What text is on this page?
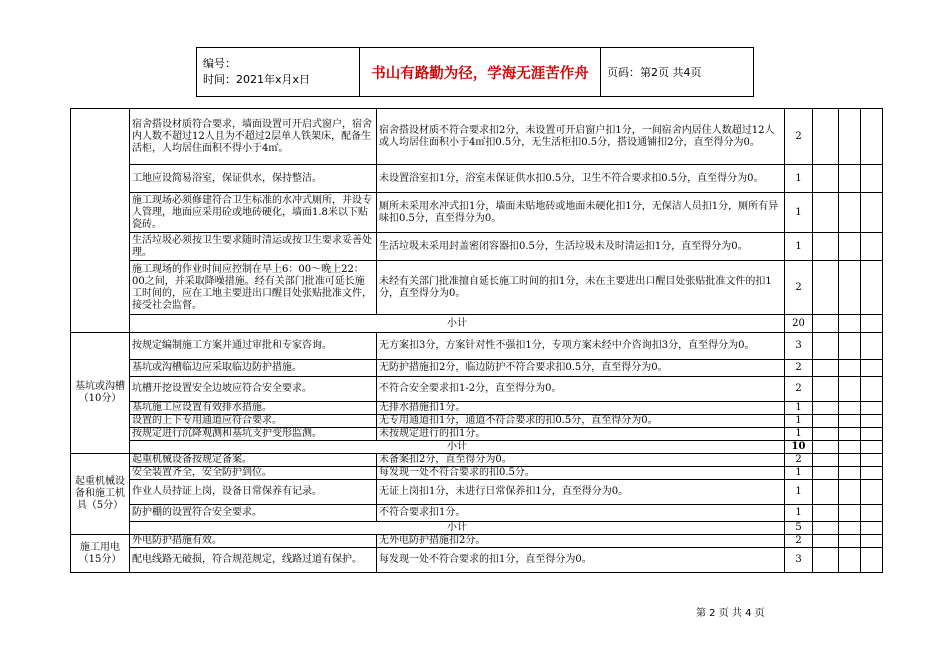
编号：
时间：2021年x月x日	书山有路勤为径，学海无涯苦作舟	页码：第2页 共4页
	宿舍搭设材质符合要求，墙面设置可开启式窗户，宿舍内人数不超过12人且为不超过2层单人铁架床，配备生活柜，人均居住面积不得小于4㎡。	宿舍搭设材质不符合要求扣2分，未设置可开启窗户扣1分，一间宿舍内居住人数超过12人或人均居住面积小于4㎡扣0.5分，无生活柜扣0.5分，搭设通铺扣2分，直至得分为0。	2			
	工地应设简易浴室，保证供水，保持整洁。	未设置浴室扣1分，浴室未保证供水扣0.5分，卫生不符合要求扣0.5分，直至得分为0。	1			
	施工现场必须修建符合卫生标准的水冲式厕所，并设专人管理，地面应采用砼或地砖硬化，墙面1.8米以下贴瓷砖。	厕所未采用水冲式扣1分，墙面未贴地砖或地面未硬化扣1分，无保洁人员扣1分，厕所有异味扣0.5分，直至得分为0。	1			
	生活垃圾必须按卫生要求随时清运或按卫生要求妥善处理。	生活垃圾未采用封盖密闭容器扣0.5分，生活垃圾未及时清运扣1分，直至得分为0。	1			
	施工现场的作业时间应控制在早上6：00～晚上22：00之间，并采取降噪措施。经有关部门批准可延长施工时间的，应在工地主要进出口醒目处张贴批准文件，接受社会监督。	未经有关部门批准擅自延长施工时间的扣1分，未在主要进出口醒目处张贴批准文件的扣1分，直至得分为0。	2			
	小计		20			
基坑或沟槽（10分）	按规定编制施工方案并通过审批和专家咨询。	无方案扣3分，方案针对性不强扣1分，专项方案未经中介咨询扣3分，直至得分为0。	3			
	基坑或沟槽临边应采取临边防护措施。	无防护措施扣2分，临边防护不符合要求扣0.5分，直至得分为0。	2			
	坑槽开挖设置安全边坡应符合安全要求。	不符合安全要求扣1-2分，直至得分为0。	2			
	基坑施工应设置有效排水措施。	无排水措施扣1分。	1			
	设置的上下专用通道应符合要求。	无专用通道扣1分，通道不符合要求的扣0.5分，直至得分为0。	1			
	按规定进行沉降观测和基坑支护变形监测。	未按规定进行的扣1分。	1			
	小计		10			
起重机械设备和施工机具（5分）	起重机械设备按规定备案。	未备案扣2分，直至得分为0。	2			
	安全装置齐全，安全防护到位。	每发现一处不符合要求的扣0.5分。	1			
	作业人员持证上岗，设备日常保养有记录。	无证上岗扣1分，未进行日常保养扣1分，直至得分为0。	1			
	防护棚的设置符合安全要求。	不符合要求扣1分。	1			
	小计		5			
施工用电（15分）	外电防护措施有效。	无外电防护措施扣2分。	2			
	配电线路无破损，符合规范规定，线路过道有保护。	每发现一处不符合要求的扣1分，直至得分为0。	3			
第 2 页 共 4 页
